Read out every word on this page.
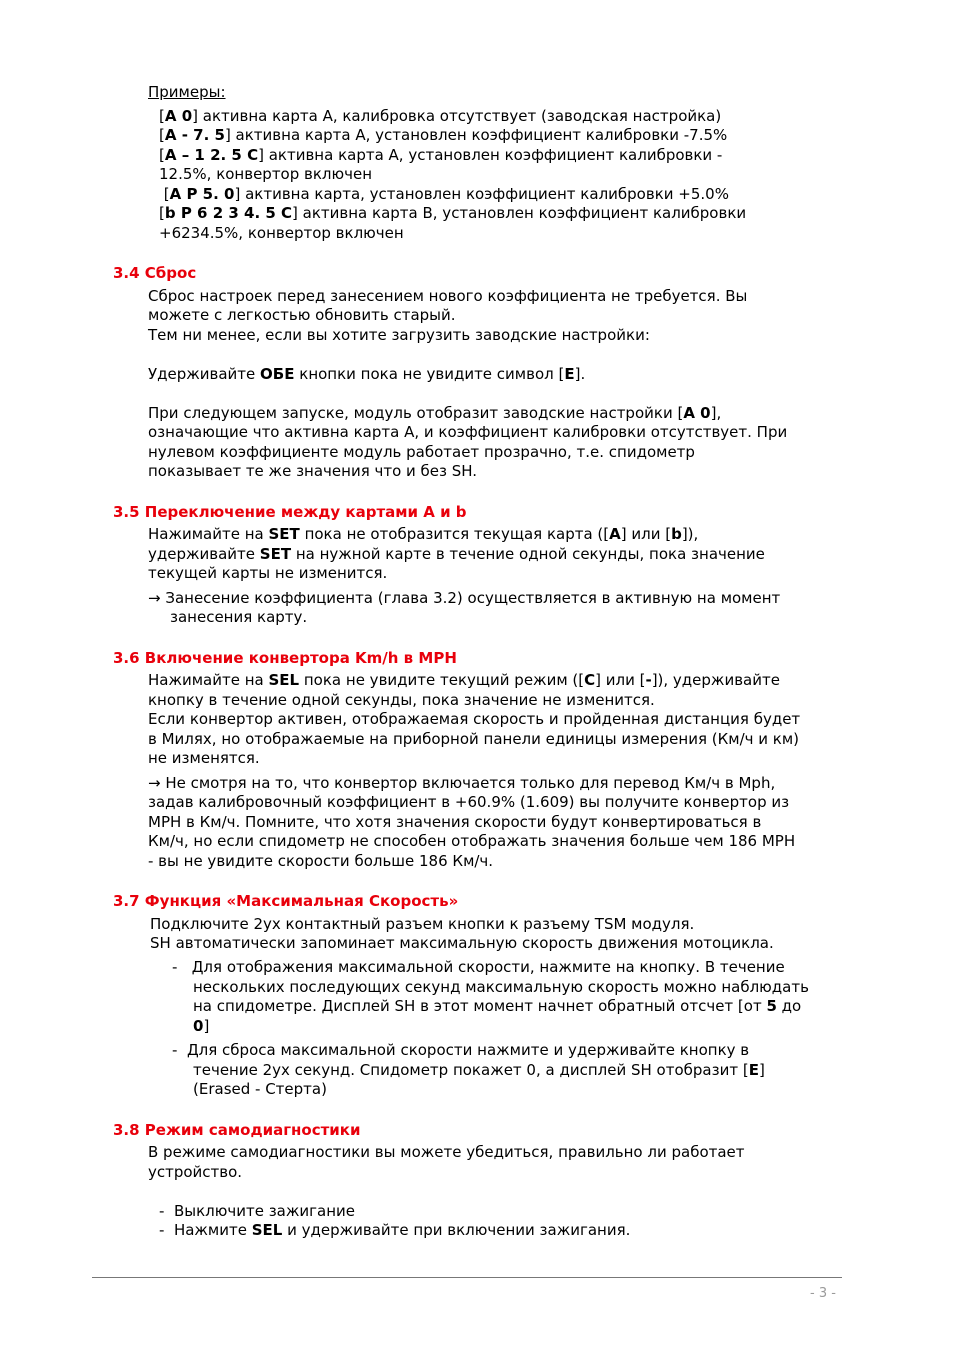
Примеры:
[A 0] активна карта А, калибровка отсутствует (заводская настройка)
[A - 7. 5] активна карта А, установлен коэффициент калибровки -7.5%
[A – 1 2. 5 C] активна карта А, установлен коэффициент калибровки -
12.5%, конвертор включен
[A P 5. 0] активна карта, установлен коэффициент калибровки +5.0%
[b P 6 2 3 4. 5 C] активна карта B, установлен коэффициент калибровки
+6234.5%, конвертор включен
3.4 Сброс
Сброс настроек перед занесением нового коэффициента не требуется. Вы
можете с легкостью обновить старый.
Тем ни менее, если вы хотите загрузить заводские настройки:
Удерживайте ОБЕ кнопки пока не увидите символ [E].
При следующем запуске, модуль отобразит заводские настройки [A 0],
означающие что активна карта А, и коэффициент калибровки отсутствует. При
нулевом коэффициенте модуль работает прозрачно, т.е. спидометр
показывает те же значения что и без SH.
3.5 Переключение между картами A и b
Нажимайте на SET пока не отобразится текущая карта ([A] или [b]),
удерживайте SET на нужной карте в течение одной секунды, пока значение
текущей карты не изменится.
→ Занесение коэффициента (глава 3.2) осуществляется в активную на момент
занесения карту.
3.6 Включение конвертора Km/h в MPH
Нажимайте на SEL пока не увидите текущий режим ([C] или [-]), удерживайте
кнопку в течение одной секунды, пока значение не изменится.
Если конвертор активен, отображаемая скорость и пройденная дистанция будет
в Милях, но отображаемые на приборной панели единицы измерения (Км/ч и км)
не изменятся.
→ Не смотря на то, что конвертор включается только для перевод Км/ч в Mph,
задав калибровочный коэффициент в +60.9% (1.609) вы получите конвертор из
MPH в Км/ч. Помните, что хотя значения скорости будут конвертироваться в
Км/ч, но если спидометр не способен отображать значения больше чем 186 MPH
- вы не увидите скорости больше 186 Км/ч.
3.7 Функция «Максимальная Скорость»
Подключите 2ух контактный разъем кнопки к разъему TSM модуля.
SH автоматически запоминает максимальную скорость движения мотоцикла.
-   Для отображения максимальной скорости, нажмите на кнопку. В течение
нескольких последующих секунд максимальную скорость можно наблюдать
на спидометре. Дисплей SH в этот момент начнет обратный отсчет [от 5 до
0]
-  Для сброса максимальной скорости нажмите и удерживайте кнопку в
течение 2ух секунд. Спидометр покажет 0, а дисплей SH отобразит [E]
(Erased - Стерта)
3.8 Режим самодиагностики
В режиме самодиагностики вы можете убедиться, правильно ли работает
устройство.
-  Выключите зажигание
-  Нажмите SEL и удерживайте при включении зажигания.
- 3 -
